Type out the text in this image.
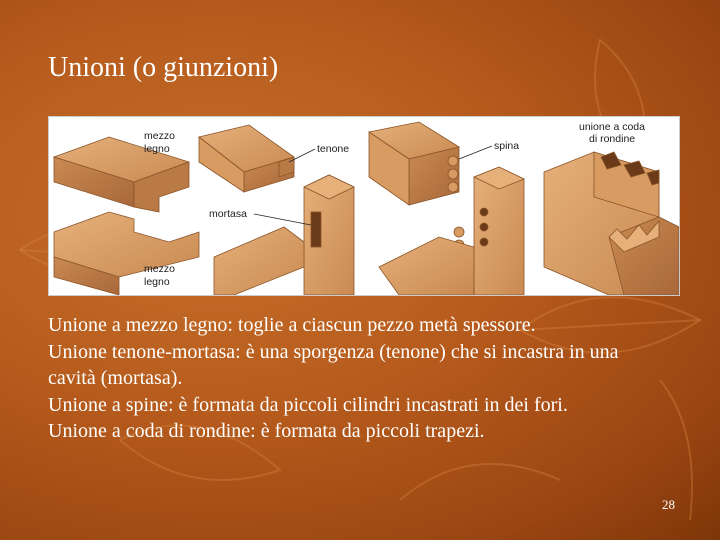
Unioni (o giunzioni)
mezzo
legno
mezzo
legno
tenone
mortasa
spina
unione a coda
di rondine

Unione a mezzo legno: toglie a ciascun pezzo metà spessore.

Unione tenone-mortasa: è una sporgenza (tenone) che si incastra in una cavità (mortasa).

Unione a spine: è formata da piccoli cilindri incastrati in dei fori.

Unione a coda di rondine: è formata da piccoli trapezi.

28
